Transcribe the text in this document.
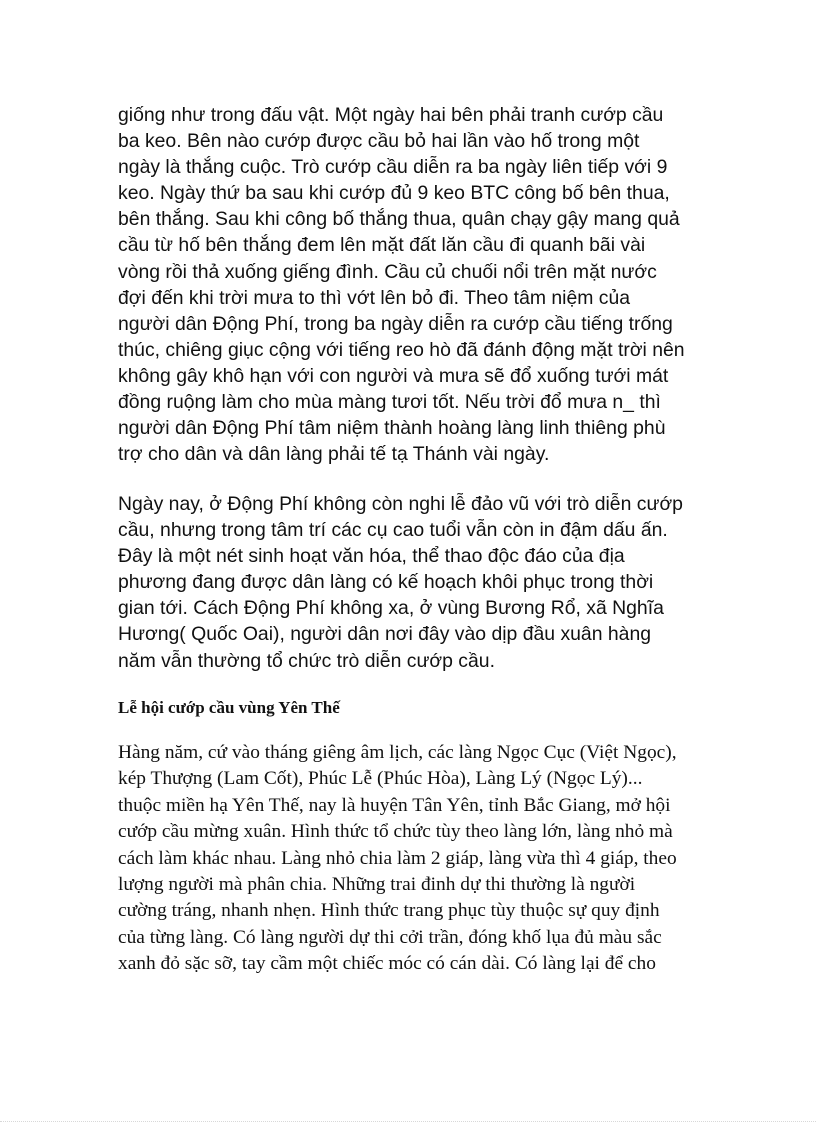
giống như trong đấu vật. Một ngày hai bên phải tranh cướp cầu
ba keo. Bên nào cướp được cầu bỏ hai lần vào hố trong một
ngày là thắng cuộc. Trò cướp cầu diễn ra ba ngày liên tiếp với 9
keo. Ngày thứ ba sau khi cướp đủ 9 keo BTC công bố bên thua,
bên thắng. Sau khi công bố thắng thua, quân chạy gậy mang quả
cầu từ hố bên thắng đem lên mặt đất lăn cầu đi quanh bãi vài
vòng rồi thả xuống giếng đình. Cầu củ chuối nổi trên mặt nước
đợi đến khi trời mưa to thì vớt lên bỏ đi. Theo tâm niệm của
người dân Động Phí, trong ba ngày diễn ra cướp cầu tiếng trống
thúc, chiêng giục cộng với tiếng reo hò đã đánh động mặt trời nên
không gây khô hạn với con người và mưa sẽ đổ xuống tưới mát
đồng ruộng làm cho mùa màng tươi tốt. Nếu trời đổ mưa n_ thì
người dân Động Phí tâm niệm thành hoàng làng linh thiêng phù
trợ cho dân và dân làng phải tế tạ Thánh vài ngày.

Ngày nay, ở Động Phí không còn nghi lễ đảo vũ với trò diễn cướp
cầu, nhưng trong tâm trí các cụ cao tuổi vẫn còn in đậm dấu ấn.
Đây là một nét sinh hoạt văn hóa, thể thao độc đáo của địa
phương đang được dân làng có kế hoạch khôi phục trong thời
gian tới. Cách Động Phí không xa, ở vùng Bương Rổ, xã Nghĩa
Hương( Quốc Oai), người dân nơi đây vào dịp đầu xuân hàng
năm vẫn thường tổ chức trò diễn cướp cầu.

Lễ hội cướp cầu vùng Yên Thế

Hàng năm, cứ vào tháng giêng âm lịch, các làng Ngọc Cục (Việt Ngọc),
kép Thượng (Lam Cốt), Phúc Lễ (Phúc Hòa), Làng Lý (Ngọc Lý)...
thuộc miền hạ Yên Thế, nay là huyện Tân Yên, tỉnh Bắc Giang, mở hội
cướp cầu mừng xuân. Hình thức tổ chức tùy theo làng lớn, làng nhỏ mà
cách làm khác nhau. Làng nhỏ chia làm 2 giáp, làng vừa thì 4 giáp, theo
lượng người mà phân chia. Những trai đinh dự thi thường là người
cường tráng, nhanh nhẹn. Hình thức trang phục tùy thuộc sự quy định
của từng làng. Có làng người dự thi cởi trần, đóng khố lụa đủ màu sắc
xanh đỏ sặc sỡ, tay cầm một chiếc móc có cán dài. Có làng lại để cho
